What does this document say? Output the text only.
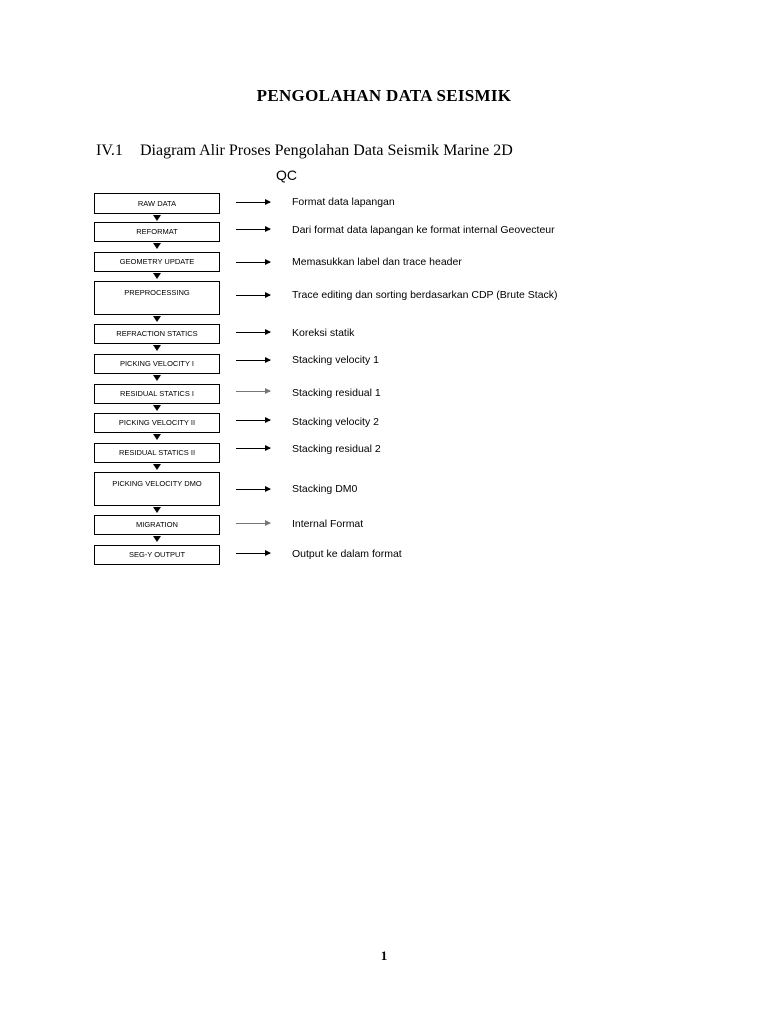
PENGOLAHAN DATA SEISMIK
IV.1 Diagram Alir Proses Pengolahan Data Seismik Marine 2D
QC
RAW DATA	Format data lapangan
REFORMAT	Dari format data lapangan ke format internal Geovecteur
GEOMETRY UPDATE	Memasukkan label dan trace header
PREPROCESSING	Trace editing dan sorting berdasarkan CDP (Brute Stack)
REFRACTION STATICS	Koreksi statik
PICKING VELOCITY I	Stacking velocity 1
RESIDUAL STATICS I	Stacking residual 1
PICKING VELOCITY II	Stacking velocity 2
RESIDUAL STATICS II	Stacking residual 2
PICKING VELOCITY DMO	Stacking DM0
MIGRATION	Internal Format
SEG-Y OUTPUT	Output ke dalam format
1
